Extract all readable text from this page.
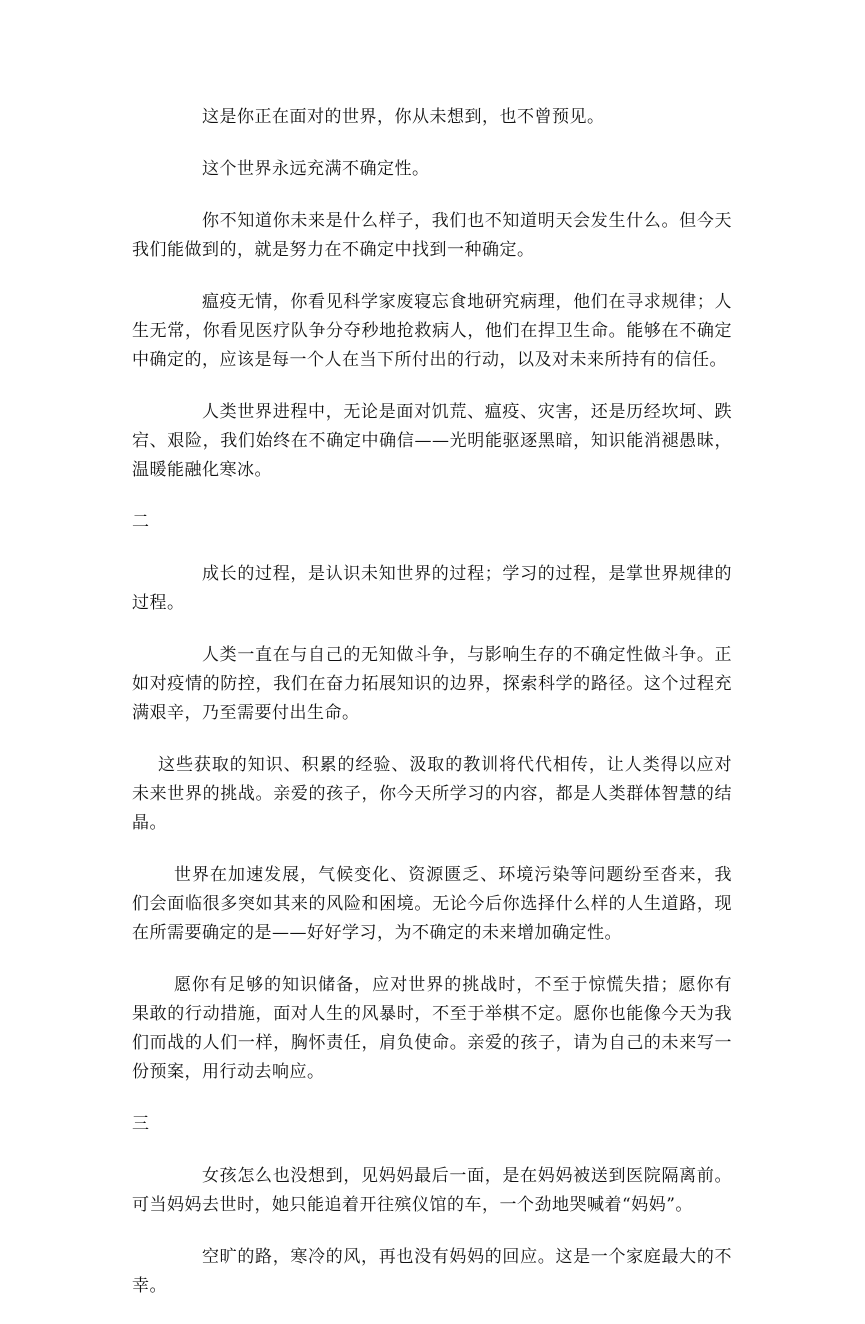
这是你正在面对的世界，你从未想到，也不曾预见。

这个世界永远充满不确定性。

你不知道你未来是什么样子，我们也不知道明天会发生什么。但今天我们能做到的，就是努力在不确定中找到一种确定。

瘟疫无情，你看见科学家废寝忘食地研究病理，他们在寻求规律；人生无常，你看见医疗队争分夺秒地抢救病人，他们在捍卫生命。能够在不确定中确定的，应该是每一个人在当下所付出的行动，以及对未来所持有的信任。

人类世界进程中，无论是面对饥荒、瘟疫、灾害，还是历经坎坷、跌宕、艰险，我们始终在不确定中确信——光明能驱逐黑暗，知识能消褪愚昧，温暖能融化寒冰。

二

成长的过程，是认识未知世界的过程；学习的过程，是掌世界规律的过程。

人类一直在与自己的无知做斗争，与影响生存的不确定性做斗争。正如对疫情的防控，我们在奋力拓展知识的边界，探索科学的路径。这个过程充满艰辛，乃至需要付出生命。

这些获取的知识、积累的经验、汲取的教训将代代相传，让人类得以应对未来世界的挑战。亲爱的孩子，你今天所学习的内容，都是人类群体智慧的结晶。

世界在加速发展，气候变化、资源匮乏、环境污染等问题纷至沓来，我们会面临很多突如其来的风险和困境。无论今后你选择什么样的人生道路，现在所需要确定的是——好好学习，为不确定的未来增加确定性。

愿你有足够的知识储备，应对世界的挑战时，不至于惊慌失措；愿你有果敢的行动措施，面对人生的风暴时，不至于举棋不定。愿你也能像今天为我们而战的人们一样，胸怀责任，肩负使命。亲爱的孩子，请为自己的未来写一份预案，用行动去响应。

三

女孩怎么也没想到，见妈妈最后一面，是在妈妈被送到医院隔离前。可当妈妈去世时，她只能追着开往殡仪馆的车，一个劲地哭喊着“妈妈”。

空旷的路，寒冷的风，再也没有妈妈的回应。这是一个家庭最大的不幸。
